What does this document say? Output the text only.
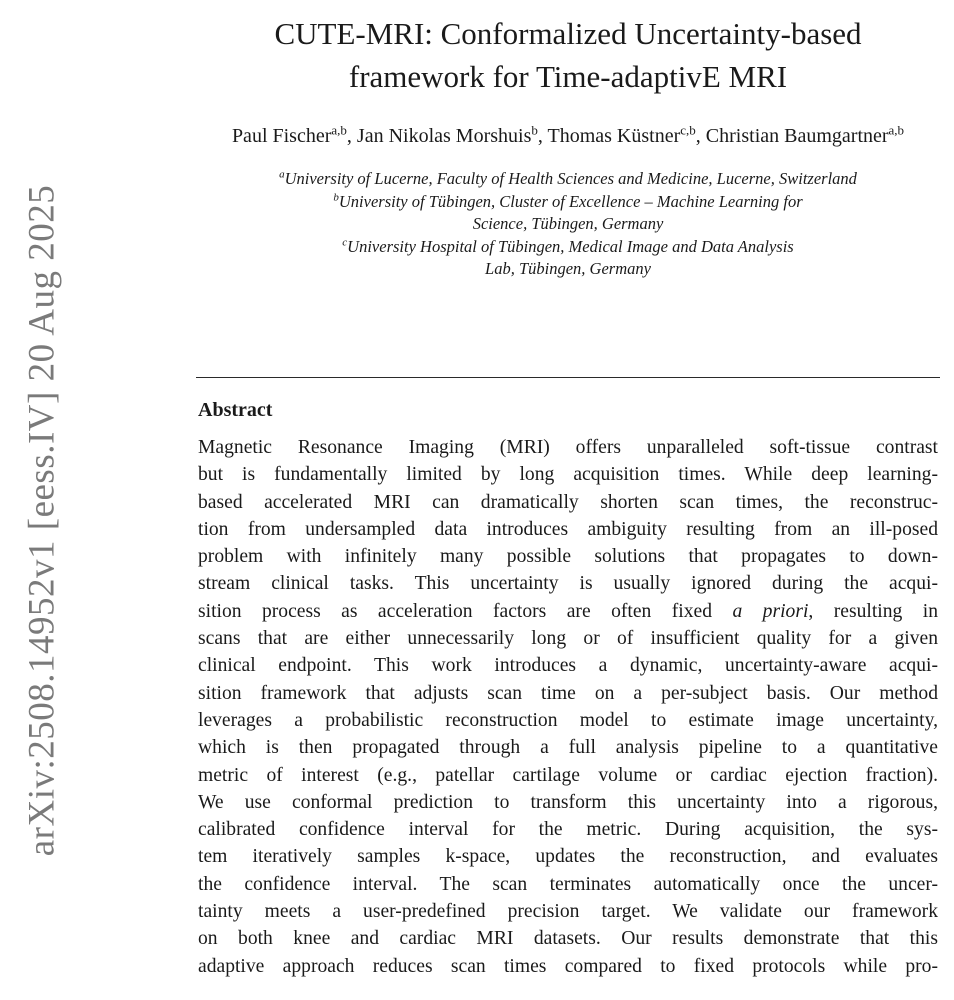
arXiv:2508.14952v1 [eess.IV] 20 Aug 2025
CUTE-MRI: Conformalized Uncertainty-based
framework for Time-adaptivE MRI
Paul Fischer$^{a,b}$, Jan Nikolas Morshuis$^b$, Thomas Küstner$^{c,b}$, Christian Baumgartner$^{a,b}$
$^a$University of Lucerne, Faculty of Health Sciences and Medicine, Lucerne, Switzerland
$^b$University of Tübingen, Cluster of Excellence – Machine Learning for
Science, Tübingen, Germany
$^c$University Hospital of Tübingen, Medical Image and Data Analysis
Lab, Tübingen, Germany
Abstract
Magnetic Resonance Imaging (MRI) offers unparalleled soft-tissue contrast
but is fundamentally limited by long acquisition times. While deep learning-
based accelerated MRI can dramatically shorten scan times, the reconstruc-
tion from undersampled data introduces ambiguity resulting from an ill-posed
problem with infinitely many possible solutions that propagates to down-
stream clinical tasks. This uncertainty is usually ignored during the acqui-
sition process as acceleration factors are often fixed a priori, resulting in
scans that are either unnecessarily long or of insufficient quality for a given
clinical endpoint. This work introduces a dynamic, uncertainty-aware acqui-
sition framework that adjusts scan time on a per-subject basis. Our method
leverages a probabilistic reconstruction model to estimate image uncertainty,
which is then propagated through a full analysis pipeline to a quantitative
metric of interest (e.g., patellar cartilage volume or cardiac ejection fraction).
We use conformal prediction to transform this uncertainty into a rigorous,
calibrated confidence interval for the metric. During acquisition, the sys-
tem iteratively samples k-space, updates the reconstruction, and evaluates
the confidence interval. The scan terminates automatically once the uncer-
tainty meets a user-predefined precision target. We validate our framework
on both knee and cardiac MRI datasets. Our results demonstrate that this
adaptive approach reduces scan times compared to fixed protocols while pro-
